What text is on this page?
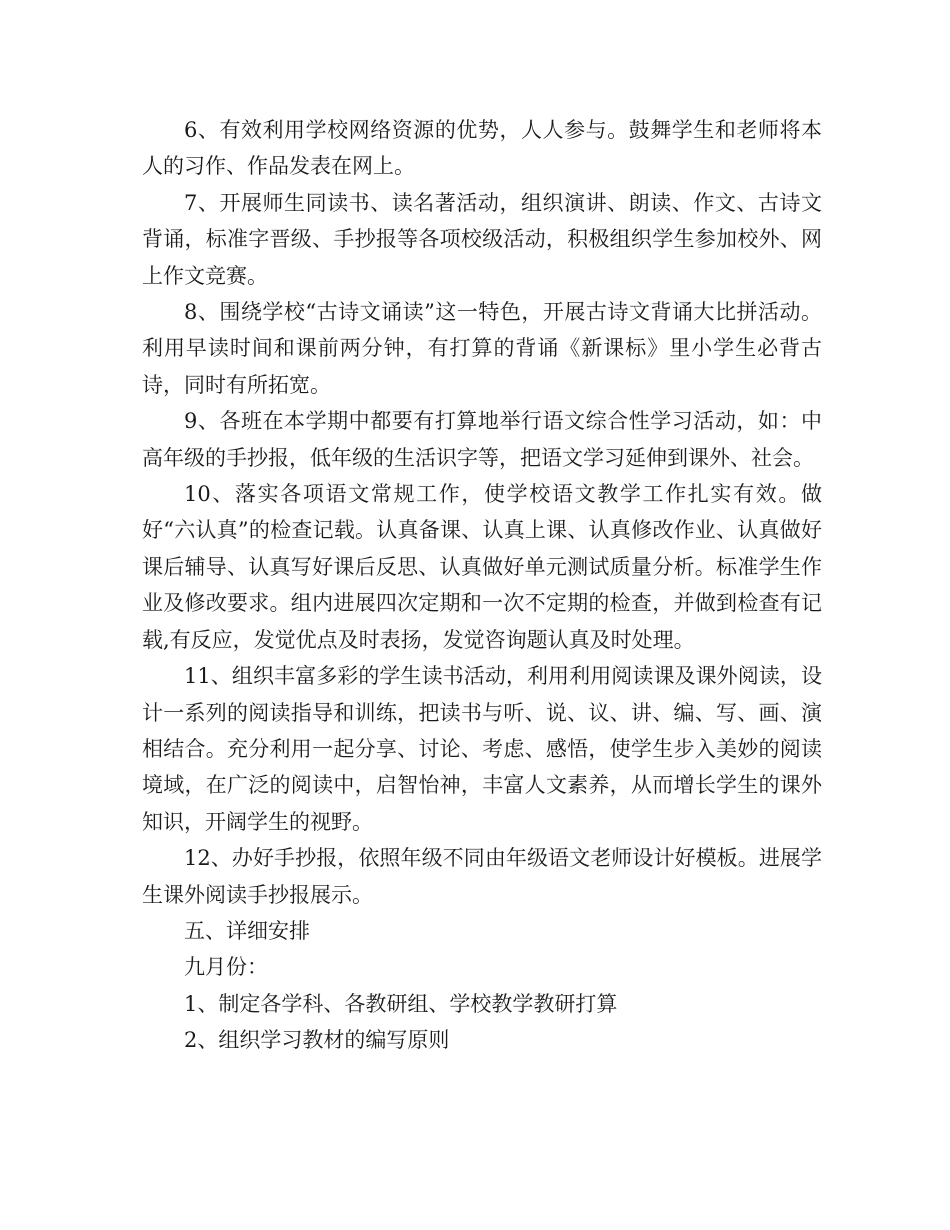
6、有效利用学校网络资源的优势，人人参与。鼓舞学生和老师将本人的习作、作品发表在网上。

7、开展师生同读书、读名著活动，组织演讲、朗读、作文、古诗文背诵，标准字晋级、手抄报等各项校级活动，积极组织学生参加校外、网上作文竞赛。

8、围绕学校“古诗文诵读”这一特色，开展古诗文背诵大比拼活动。利用早读时间和课前两分钟，有打算的背诵《新课标》里小学生必背古诗，同时有所拓宽。

9、各班在本学期中都要有打算地举行语文综合性学习活动，如：中高年级的手抄报，低年级的生活识字等，把语文学习延伸到课外、社会。

10、落实各项语文常规工作，使学校语文教学工作扎实有效。做好“六认真”的检查记载。认真备课、认真上课、认真修改作业、认真做好课后辅导、认真写好课后反思、认真做好单元测试质量分析。标准学生作业及修改要求。组内进展四次定期和一次不定期的检查，并做到检查有记载,有反应，发觉优点及时表扬，发觉咨询题认真及时处理。

11、组织丰富多彩的学生读书活动，利用利用阅读课及课外阅读，设计一系列的阅读指导和训练，把读书与听、说、议、讲、编、写、画、演相结合。充分利用一起分享、讨论、考虑、感悟，使学生步入美妙的阅读境域，在广泛的阅读中，启智怡神，丰富人文素养，从而增长学生的课外知识，开阔学生的视野。

12、办好手抄报，依照年级不同由年级语文老师设计好模板。进展学生课外阅读手抄报展示。

五、详细安排

九月份：

1、制定各学科、各教研组、学校教学教研打算

2、组织学习教材的编写原则
